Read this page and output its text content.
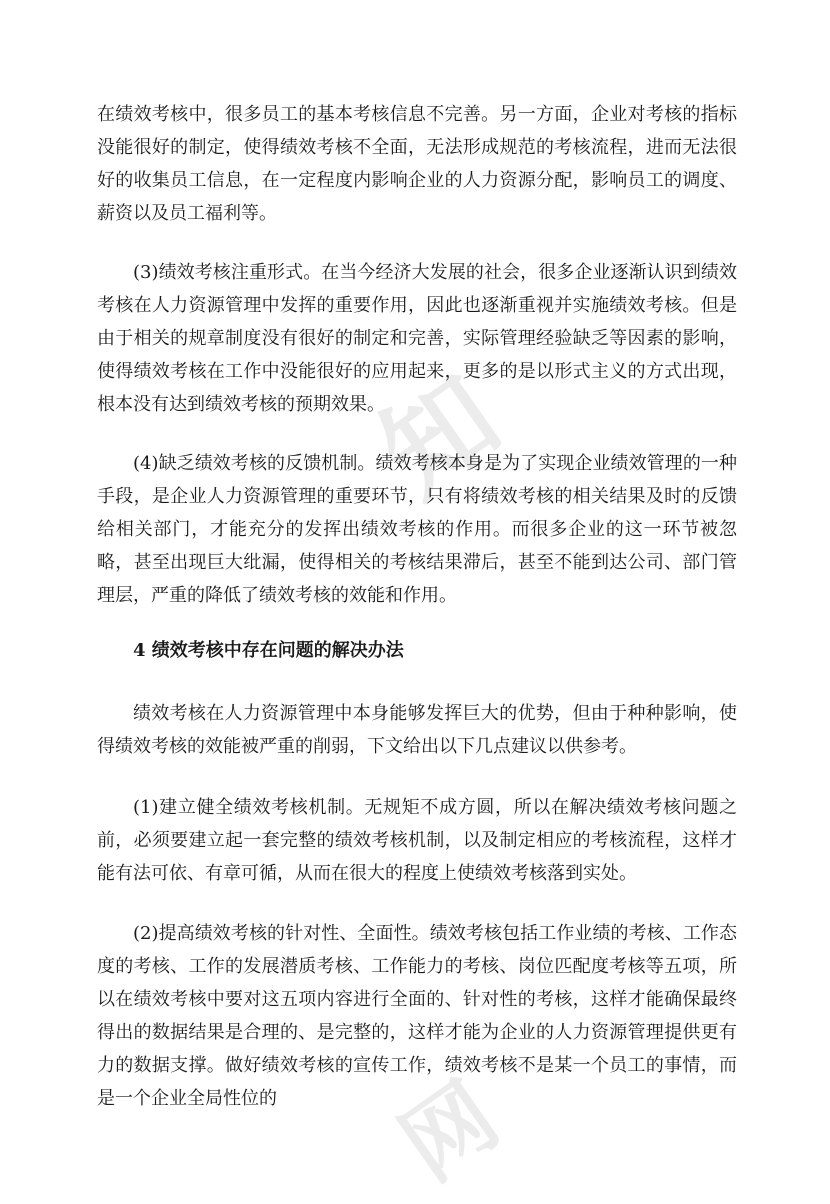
知
网

在绩效考核中，很多员工的基本考核信息不完善。另一方面，企业对考核的指标没能很好的制定，使得绩效考核不全面，无法形成规范的考核流程，进而无法很好的收集员工信息，在一定程度内影响企业的人力资源分配，影响员工的调度、薪资以及员工福利等。

(3)绩效考核注重形式。在当今经济大发展的社会，很多企业逐渐认识到绩效考核在人力资源管理中发挥的重要作用，因此也逐渐重视并实施绩效考核。但是由于相关的规章制度没有很好的制定和完善，实际管理经验缺乏等因素的影响，使得绩效考核在工作中没能很好的应用起来，更多的是以形式主义的方式出现，根本没有达到绩效考核的预期效果。

(4)缺乏绩效考核的反馈机制。绩效考核本身是为了实现企业绩效管理的一种手段，是企业人力资源管理的重要环节，只有将绩效考核的相关结果及时的反馈给相关部门，才能充分的发挥出绩效考核的作用。而很多企业的这一环节被忽略，甚至出现巨大纰漏，使得相关的考核结果滞后，甚至不能到达公司、部门管理层，严重的降低了绩效考核的效能和作用。

4 绩效考核中存在问题的解决办法

绩效考核在人力资源管理中本身能够发挥巨大的优势，但由于种种影响，使得绩效考核的效能被严重的削弱，下文给出以下几点建议以供参考。

(1)建立健全绩效考核机制。无规矩不成方圆，所以在解决绩效考核问题之前，必须要建立起一套完整的绩效考核机制，以及制定相应的考核流程，这样才能有法可依、有章可循，从而在很大的程度上使绩效考核落到实处。

(2)提高绩效考核的针对性、全面性。绩效考核包括工作业绩的考核、工作态度的考核、工作的发展潜质考核、工作能力的考核、岗位匹配度考核等五项，所以在绩效考核中要对这五项内容进行全面的、针对性的考核，这样才能确保最终得出的数据结果是合理的、是完整的，这样才能为企业的人力资源管理提供更有力的数据支撑。做好绩效考核的宣传工作，绩效考核不是某一个员工的事情，而是一个企业全局性位的
